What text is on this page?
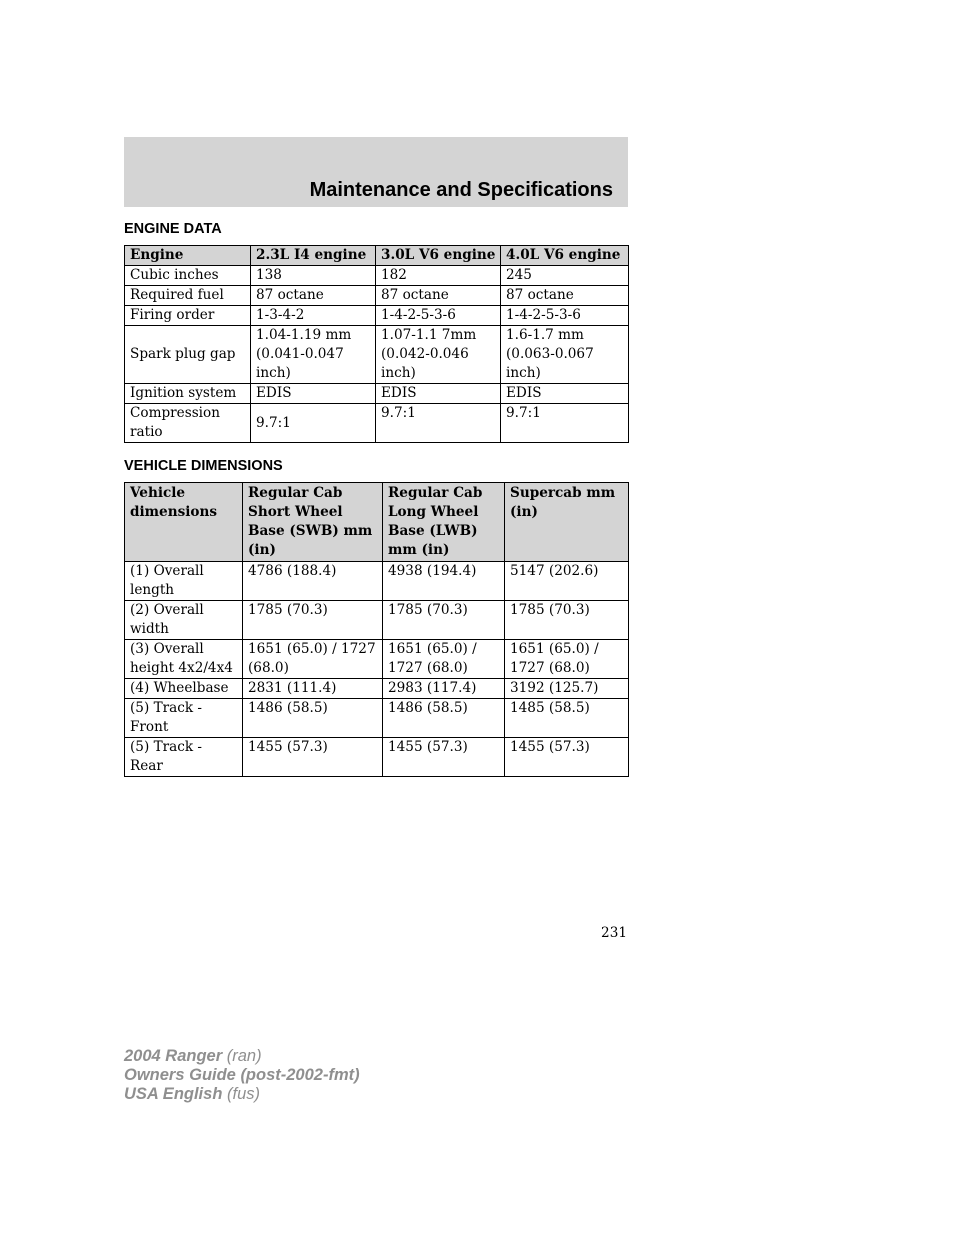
Maintenance and Specifications
ENGINE DATA
Engine	2.3L I4 engine	3.0L V6 engine	4.0L V6 engine
Cubic inches	138	182	245
Required fuel	87 octane	87 octane	87 octane
Firing order	1-3-4-2	1-4-2-5-3-6	1-4-2-5-3-6
Spark plug gap	1.04-1.19 mm (0.041-0.047 inch)	1.07-1.1 7mm (0.042-0.046 inch)	1.6-1.7 mm (0.063-0.067 inch)
Ignition system	EDIS	EDIS	EDIS
Compression ratio	9.7:1	9.7:1	9.7:1
VEHICLE DIMENSIONS
Vehicle dimensions	Regular Cab Short Wheel Base (SWB) mm (in)	Regular Cab Long Wheel Base (LWB) mm (in)	Supercab mm (in)
(1) Overall length	4786 (188.4)	4938 (194.4)	5147 (202.6)
(2) Overall width	1785 (70.3)	1785 (70.3)	1785 (70.3)
(3) Overall height 4x2/4x4	1651 (65.0) / 1727 (68.0)	1651 (65.0) / 1727 (68.0)	1651 (65.0) / 1727 (68.0)
(4) Wheelbase	2831 (111.4)	2983 (117.4)	3192 (125.7)
(5) Track - Front	1486 (58.5)	1486 (58.5)	1485 (58.5)
(5) Track - Rear	1455 (57.3)	1455 (57.3)	1455 (57.3)
231
2004 Ranger (ran)
Owners Guide (post-2002-fmt)
USA English (fus)
